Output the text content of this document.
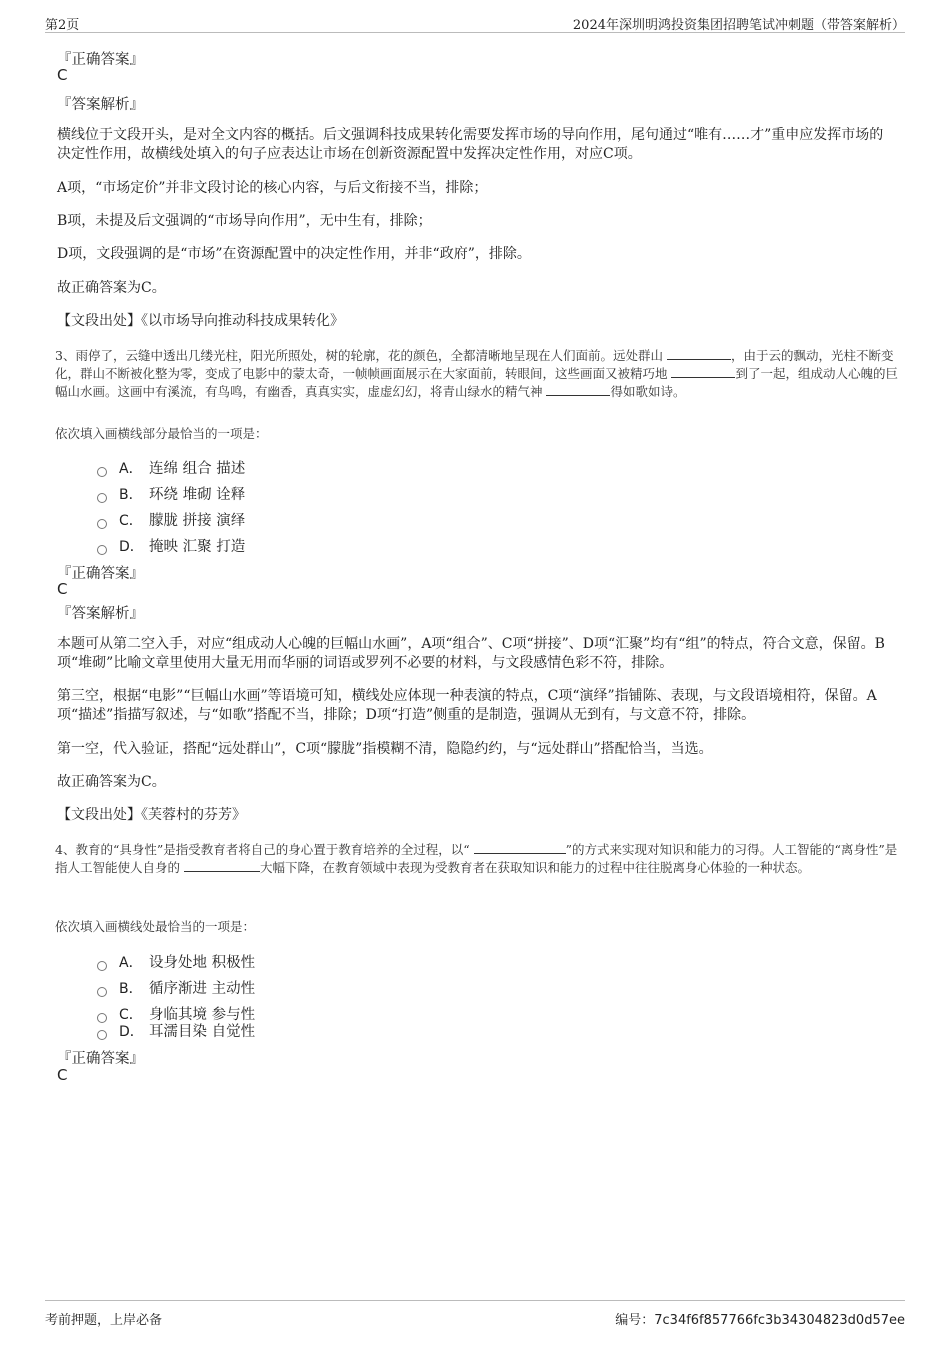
第2页	2024年深圳明鸿投资集团招聘笔试冲刺题（带答案解析）
『正确答案』
C
『答案解析』
横线位于文段开头，是对全文内容的概括。后文强调科技成果转化需要发挥市场的导向作用，尾句通过“唯有……才”重申应发挥市场的决定性作用，故横线处填入的句子应表达让市场在创新资源配置中发挥决定性作用，对应C项。
A项，“市场定价”并非文段讨论的核心内容，与后文衔接不当，排除；
B项，未提及后文强调的“市场导向作用”，无中生有，排除；
D项，文段强调的是“市场”在资源配置中的决定性作用，并非“政府”，排除。
故正确答案为C。
【文段出处】《以市场导向推动科技成果转化》
3、雨停了，云缝中透出几缕光柱，阳光所照处，树的轮廓，花的颜色，全都清晰地呈现在人们面前。远处群山	，由于云的飘动，光柱不断变化，群山不断被化整为零，变成了电影中的蒙太奇，一帧帧画面展示在大家面前，转眼间，这些画面又被精巧地	到了一起，组成动人心魄的巨幅山水画。这画中有溪流，有鸟鸣，有幽香，真真实实，虚虚幻幻，将青山绿水的精气神	得如歌如诗。
依次填入画横线部分最恰当的一项是：
A． 连绵 组合 描述
B． 环绕 堆砌 诠释
C． 朦胧 拼接 演绎
D． 掩映 汇聚 打造
『正确答案』
C
『答案解析』
本题可从第二空入手，对应“组成动人心魄的巨幅山水画”，A项“组合”、C项“拼接”、D项“汇聚”均有“组”的特点，符合文意，保留。B项“堆砌”比喻文章里使用大量无用而华丽的词语或罗列不必要的材料，与文段感情色彩不符，排除。
第三空，根据“电影”“巨幅山水画”等语境可知，横线处应体现一种表演的特点，C项“演绎”指铺陈、表现，与文段语境相符，保留。A项“描述”指描写叙述，与“如歌”搭配不当，排除；D项“打造”侧重的是制造，强调从无到有，与文意不符，排除。
第一空，代入验证，搭配“远处群山”，C项“朦胧”指模糊不清，隐隐约约，与“远处群山”搭配恰当，当选。
故正确答案为C。
【文段出处】《芙蓉村的芬芳》
4、教育的“具身性”是指受教育者将自己的身心置于教育培养的全过程，以“	”的方式来实现对知识和能力的习得。人工智能的“离身性”是指人工智能使人自身的	大幅下降，在教育领域中表现为受教育者在获取知识和能力的过程中往往脱离身心体验的一种状态。
依次填入画横线处最恰当的一项是：
A． 设身处地 积极性
B． 循序渐进 主动性
C． 身临其境 参与性
D． 耳濡目染 自觉性
『正确答案』
C
考前押题，上岸必备	编号：7c34f6f857766fc3b34304823d0d57ee
